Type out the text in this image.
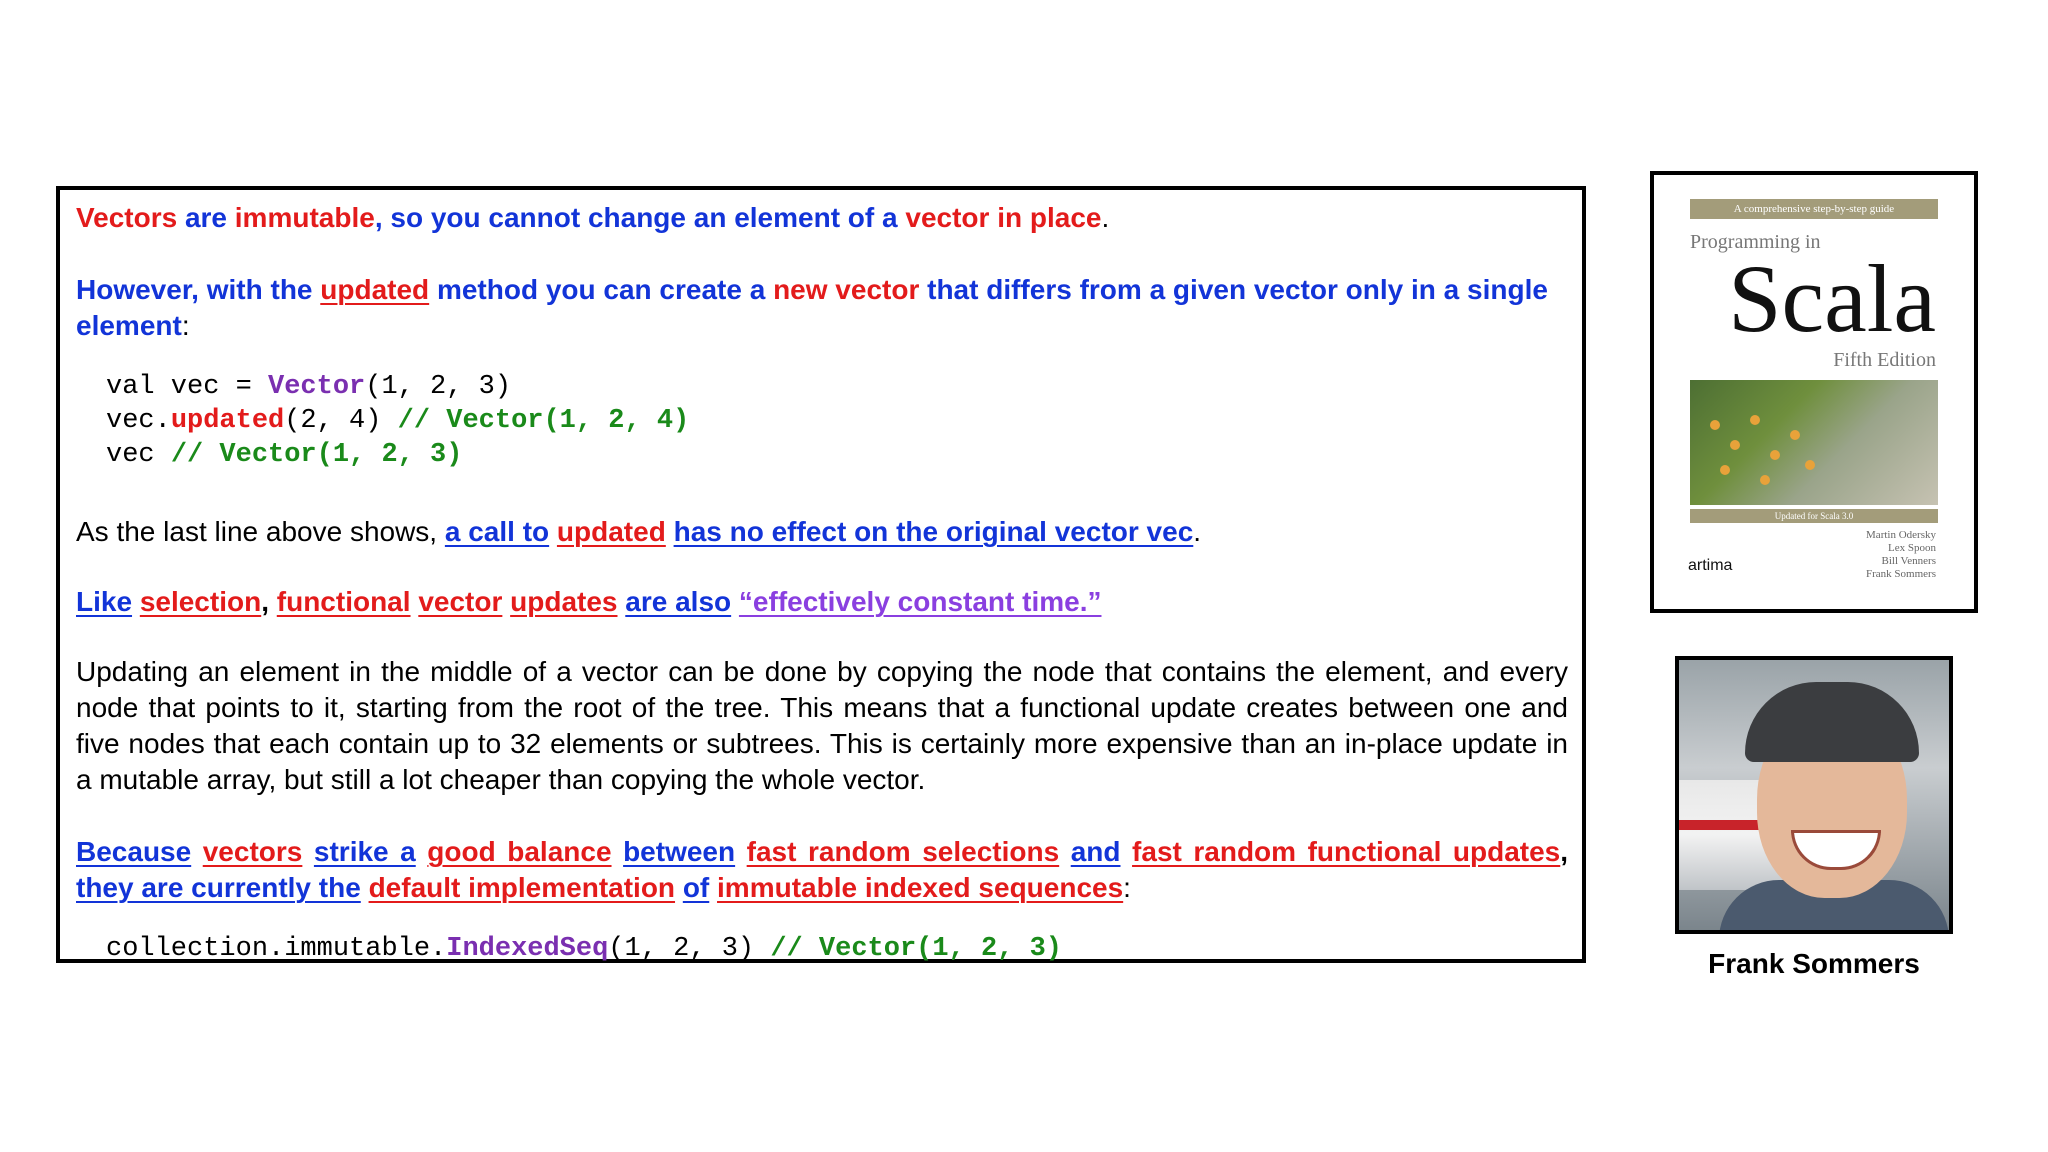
Vectors are immutable, so you cannot change an element of a vector in place.

However, with the updated method you can create a new vector that differs from a given vector only in a single element:

val vec = Vector(1, 2, 3)
vec.updated(2, 4) // Vector(1, 2, 4)
vec // Vector(1, 2, 3)

As the last line above shows, a call to updated has no effect on the original vector vec.

Like selection, functional vector updates are also “effectively constant time.”

Updating an element in the middle of a vector can be done by copying the node that contains the element, and every node that points to it, starting from the root of the tree. This means that a functional update creates between one and five nodes that each contain up to 32 elements or subtrees. This is certainly more expensive than an in-place update in a mutable array, but still a lot cheaper than copying the whole vector.

Because vectors strike a good balance between fast random selections and fast random functional updates, they are currently the default implementation of immutable indexed sequences:

collection.immutable.IndexedSeq(1, 2, 3) // Vector(1, 2, 3)
A comprehensive step-by-step guide
Programming in
Scala
Fifth Edition
Updated for Scala 3.0
Martin Odersky
Lex Spoon
Bill Venners
Frank Sommers
artima
Frank Sommers
